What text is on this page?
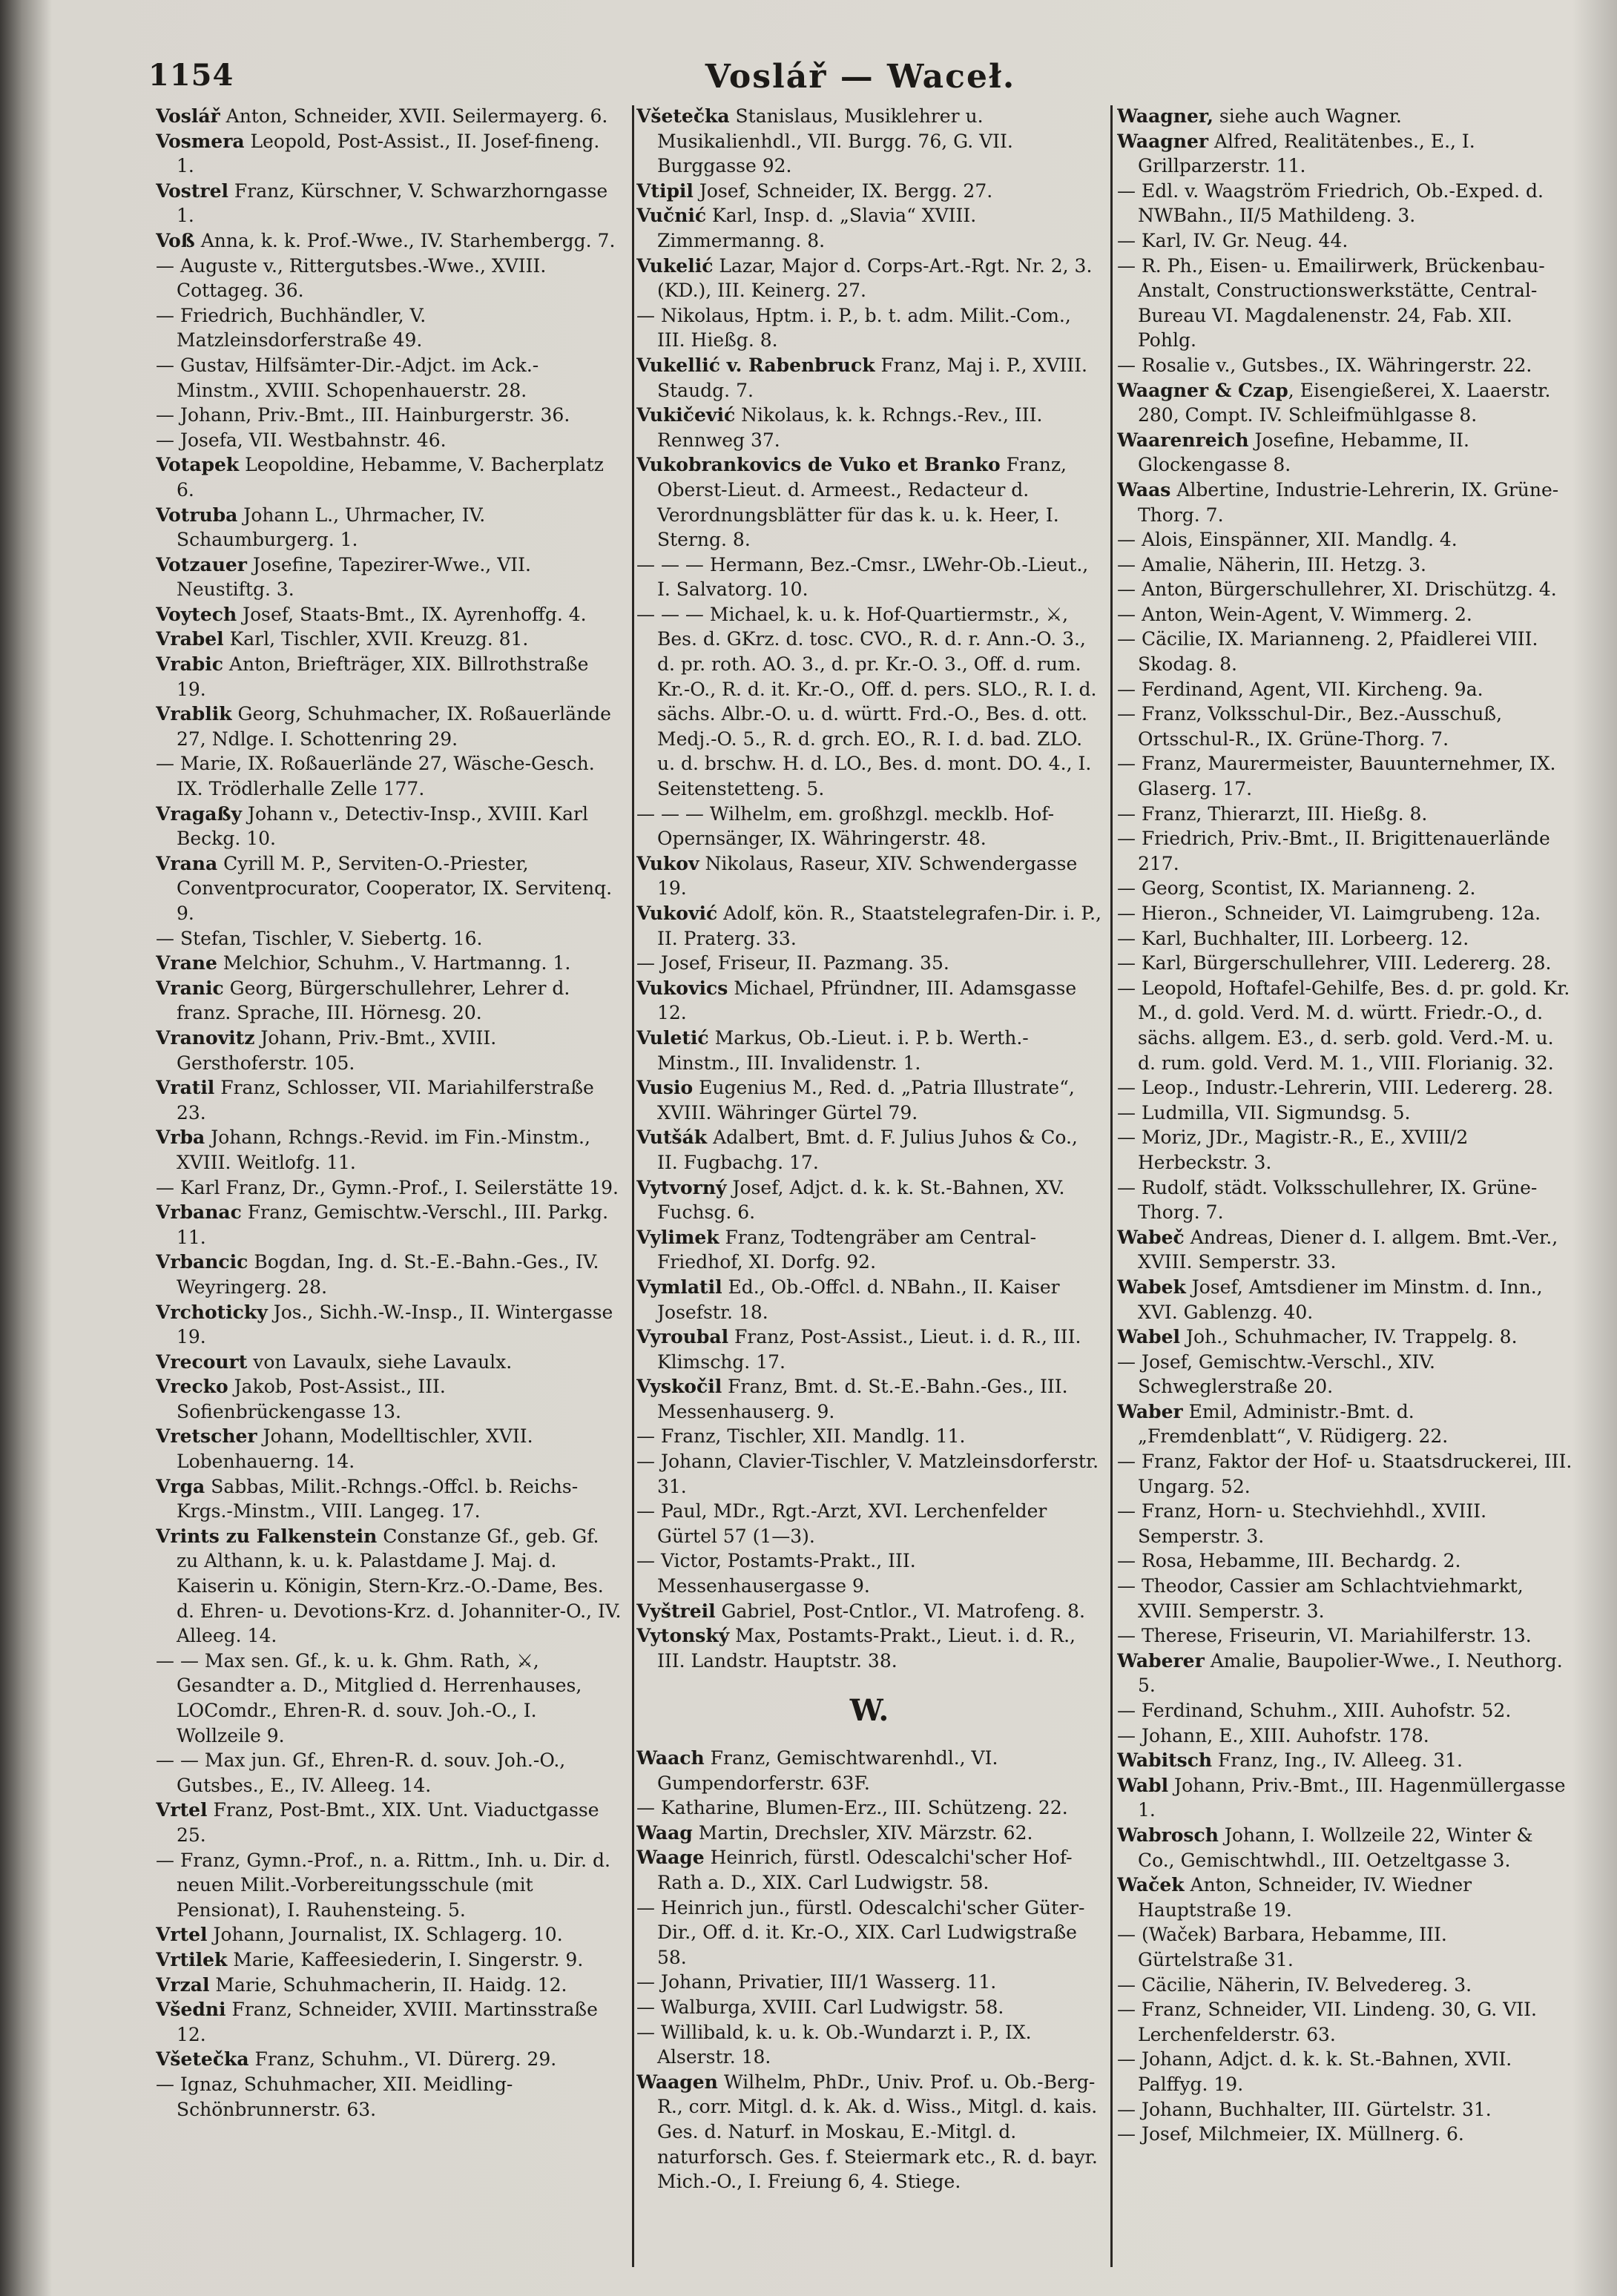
1154	Voslář — Waceł.

Voslář Anton, Schneider, XVII. Seilermayerg. 6.

Vosmera Leopold, Post-Assist., II. Josef-fineng. 1.

Vostrel Franz, Kürschner, V. Schwarzhorngasse 1.

Voß Anna, k. k. Prof.-Wwe., IV. Starhembergg. 7.

— Auguste v., Rittergutsbes.-Wwe., XVIII. Cottageg. 36.

— Friedrich, Buchhändler, V. Matzleinsdorferstraße 49.

— Gustav, Hilfsämter-Dir.-Adjct. im Ack.-Minstm., XVIII. Schopenhauerstr. 28.

— Johann, Priv.-Bmt., III. Hainburgerstr. 36.

— Josefa, VII. Westbahnstr. 46.

Votapek Leopoldine, Hebamme, V. Bacherplatz 6.

Votruba Johann L., Uhrmacher, IV. Schaumburgerg. 1.

Votzauer Josefine, Tapezirer-Wwe., VII. Neustiftg. 3.

Voytech Josef, Staats-Bmt., IX. Ayrenhoffg. 4.

Vrabel Karl, Tischler, XVII. Kreuzg. 81.

Vrabic Anton, Briefträger, XIX. Billrothstraße 19.

Vrablik Georg, Schuhmacher, IX. Roßauerlände 27, Ndlge. I. Schottenring 29.

— Marie, IX. Roßauerlände 27, Wäsche-Gesch. IX. Trödlerhalle Zelle 177.

Vragaßy Johann v., Detectiv-Insp., XVIII. Karl Beckg. 10.

Vrana Cyrill M. P., Serviten-O.-Priester, Conventprocurator, Cooperator, IX. Servitenq. 9.

— Stefan, Tischler, V. Siebertg. 16.

Vrane Melchior, Schuhm., V. Hartmanng. 1.

Vranic Georg, Bürgerschullehrer, Lehrer d. franz. Sprache, III. Hörnesg. 20.

Vranovitz Johann, Priv.-Bmt., XVIII. Gersthoferstr. 105.

Vratil Franz, Schlosser, VII. Mariahilferstraße 23.

Vrba Johann, Rchngs.-Revid. im Fin.-Minstm., XVIII. Weitlofg. 11.

— Karl Franz, Dr., Gymn.-Prof., I. Seilerstätte 19.

Vrbanac Franz, Gemischtw.-Verschl., III. Parkg. 11.

Vrbancic Bogdan, Ing. d. St.-E.-Bahn.-Ges., IV. Weyringerg. 28.

Vrchoticky Jos., Sichh.-W.-Insp., II. Wintergasse 19.

Vrecourt von Lavaulx, siehe Lavaulx.

Vrecko Jakob, Post-Assist., III. Sofienbrückengasse 13.

Vretscher Johann, Modelltischler, XVII. Lobenhauerng. 14.

Vrga Sabbas, Milit.-Rchngs.-Offcl. b. Reichs-Krgs.-Minstm., VIII. Langeg. 17.

Vrints zu Falkenstein Constanze Gf., geb. Gf. zu Althann, k. u. k. Palastdame J. Maj. d. Kaiserin u. Königin, Stern-Krz.-O.-Dame, Bes. d. Ehren- u. Devotions-Krz. d. Johanniter-O., IV. Alleeg. 14.

— — Max sen. Gf., k. u. k. Ghm. Rath, ⚔, Gesandter a. D., Mitglied d. Herrenhauses, LOComdr., Ehren-R. d. souv. Joh.-O., I. Wollzeile 9.

— — Max jun. Gf., Ehren-R. d. souv. Joh.-O., Gutsbes., E., IV. Alleeg. 14.

Vrtel Franz, Post-Bmt., XIX. Unt. Viaductgasse 25.

— Franz, Gymn.-Prof., n. a. Rittm., Inh. u. Dir. d. neuen Milit.-Vorbereitungsschule (mit Pensionat), I. Rauhensteing. 5.

Vrtel Johann, Journalist, IX. Schlagerg. 10.

Vrtilek Marie, Kaffeesiederin, I. Singerstr. 9.

Vrzal Marie, Schuhmacherin, II. Haidg. 12.

Všedni Franz, Schneider, XVIII. Martinsstraße 12.

Všetečka Franz, Schuhm., VI. Dürerg. 29.

— Ignaz, Schuhmacher, XII. Meidling-Schönbrunnerstr. 63.

Všetečka Stanislaus, Musiklehrer u. Musikalienhdl., VII. Burgg. 76, G. VII. Burggasse 92.

Vtipil Josef, Schneider, IX. Bergg. 27.

Vučnić Karl, Insp. d. „Slavia“ XVIII. Zimmermanng. 8.

Vukelić Lazar, Major d. Corps-Art.-Rgt. Nr. 2, 3. (KD.), III. Keinerg. 27.

— Nikolaus, Hptm. i. P., b. t. adm. Milit.-Com., III. Hießg. 8.

Vukellić v. Rabenbruck Franz, Maj i. P., XVIII. Staudg. 7.

Vukičević Nikolaus, k. k. Rchngs.-Rev., III. Rennweg 37.

Vukobrankovics de Vuko et Branko Franz, Oberst-Lieut. d. Armeest., Redacteur d. Verordnungsblätter für das k. u. k. Heer, I. Sterng. 8.

— — — Hermann, Bez.-Cmsr., LWehr-Ob.-Lieut., I. Salvatorg. 10.

— — — Michael, k. u. k. Hof-Quartiermstr., ⚔, Bes. d. GKrz. d. tosc. CVO., R. d. r. Ann.-O. 3., d. pr. roth. AO. 3., d. pr. Kr.-O. 3., Off. d. rum. Kr.-O., R. d. it. Kr.-O., Off. d. pers. SLO., R. I. d. sächs. Albr.-O. u. d. württ. Frd.-O., Bes. d. ott. Medj.-O. 5., R. d. grch. EO., R. I. d. bad. ZLO. u. d. brschw. H. d. LO., Bes. d. mont. DO. 4., I. Seitenstetteng. 5.

— — — Wilhelm, em. großhzgl. mecklb. Hof-Opernsänger, IX. Währingerstr. 48.

Vukov Nikolaus, Raseur, XIV. Schwendergasse 19.

Vuković Adolf, kön. R., Staatstelegrafen-Dir. i. P., II. Praterg. 33.

— Josef, Friseur, II. Pazmang. 35.

Vukovics Michael, Pfründner, III. Adamsgasse 12.

Vuletić Markus, Ob.-Lieut. i. P. b. Werth.-Minstm., III. Invalidenstr. 1.

Vusio Eugenius M., Red. d. „Patria Illustrate“, XVIII. Währinger Gürtel 79.

Vutšák Adalbert, Bmt. d. F. Julius Juhos & Co., II. Fugbachg. 17.

Vytvorný Josef, Adjct. d. k. k. St.-Bahnen, XV. Fuchsg. 6.

Vylimek Franz, Todtengräber am Central-Friedhof, XI. Dorfg. 92.

Vymlatil Ed., Ob.-Offcl. d. NBahn., II. Kaiser Josefstr. 18.

Vyroubal Franz, Post-Assist., Lieut. i. d. R., III. Klimschg. 17.

Vyskočil Franz, Bmt. d. St.-E.-Bahn.-Ges., III. Messenhauserg. 9.

— Franz, Tischler, XII. Mandlg. 11.

— Johann, Clavier-Tischler, V. Matzleinsdorferstr. 31.

— Paul, MDr., Rgt.-Arzt, XVI. Lerchenfelder Gürtel 57 (1—3).

— Victor, Postamts-Prakt., III. Messenhausergasse 9.

Vyštreil Gabriel, Post-Cntlor., VI. Matrofeng. 8.

Vytonský Max, Postamts-Prakt., Lieut. i. d. R., III. Landstr. Hauptstr. 38.

W.

Waach Franz, Gemischtwarenhdl., VI. Gumpendorferstr. 63F.

— Katharine, Blumen-Erz., III. Schützeng. 22.

Waag Martin, Drechsler, XIV. Märzstr. 62.

Waage Heinrich, fürstl. Odescalchi'scher Hof-Rath a. D., XIX. Carl Ludwigstr. 58.

— Heinrich jun., fürstl. Odescalchi'scher Güter-Dir., Off. d. it. Kr.-O., XIX. Carl Ludwigstraße 58.

— Johann, Privatier, III/1 Wasserg. 11.

— Walburga, XVIII. Carl Ludwigstr. 58.

— Willibald, k. u. k. Ob.-Wundarzt i. P., IX. Alserstr. 18.

Waagen Wilhelm, PhDr., Univ. Prof. u. Ob.-Berg-R., corr. Mitgl. d. k. Ak. d. Wiss., Mitgl. d. kais. Ges. d. Naturf. in Moskau, E.-Mitgl. d. naturforsch. Ges. f. Steiermark etc., R. d. bayr. Mich.-O., I. Freiung 6, 4. Stiege.

Waagner, siehe auch Wagner.

Waagner Alfred, Realitätenbes., E., I. Grillparzerstr. 11.

— Edl. v. Waagström Friedrich, Ob.-Exped. d. NWBahn., II/5 Mathildeng. 3.

— Karl, IV. Gr. Neug. 44.

— R. Ph., Eisen- u. Emailirwerk, Brückenbau-Anstalt, Constructionswerkstätte, Central-Bureau VI. Magdalenenstr. 24, Fab. XII. Pohlg.

— Rosalie v., Gutsbes., IX. Währingerstr. 22.

Waagner & Czap, Eisengießerei, X. Laaerstr. 280, Compt. IV. Schleifmühlgasse 8.

Waarenreich Josefine, Hebamme, II. Glockengasse 8.

Waas Albertine, Industrie-Lehrerin, IX. Grüne-Thorg. 7.

— Alois, Einspänner, XII. Mandlg. 4.

— Amalie, Näherin, III. Hetzg. 3.

— Anton, Bürgerschullehrer, XI. Drischützg. 4.

— Anton, Wein-Agent, V. Wimmerg. 2.

— Cäcilie, IX. Marianneng. 2, Pfaidlerei VIII. Skodag. 8.

— Ferdinand, Agent, VII. Kircheng. 9a.

— Franz, Volksschul-Dir., Bez.-Ausschuß, Ortsschul-R., IX. Grüne-Thorg. 7.

— Franz, Maurermeister, Bauunternehmer, IX. Glaserg. 17.

— Franz, Thierarzt, III. Hießg. 8.

— Friedrich, Priv.-Bmt., II. Brigittenauerlände 217.

— Georg, Scontist, IX. Marianneng. 2.

— Hieron., Schneider, VI. Laimgrubeng. 12a.

— Karl, Buchhalter, III. Lorbeerg. 12.

— Karl, Bürgerschullehrer, VIII. Ledererg. 28.

— Leopold, Hoftafel-Gehilfe, Bes. d. pr. gold. Kr. M., d. gold. Verd. M. d. württ. Friedr.-O., d. sächs. allgem. E3., d. serb. gold. Verd.-M. u. d. rum. gold. Verd. M. 1., VIII. Florianig. 32.

— Leop., Industr.-Lehrerin, VIII. Ledererg. 28.

— Ludmilla, VII. Sigmundsg. 5.

— Moriz, JDr., Magistr.-R., E., XVIII/2 Herbeckstr. 3.

— Rudolf, städt. Volksschullehrer, IX. Grüne-Thorg. 7.

Wabeč Andreas, Diener d. I. allgem. Bmt.-Ver., XVIII. Semperstr. 33.

Wabek Josef, Amtsdiener im Minstm. d. Inn., XVI. Gablenzg. 40.

Wabel Joh., Schuhmacher, IV. Trappelg. 8.

— Josef, Gemischtw.-Verschl., XIV. Schweglerstraße 20.

Waber Emil, Administr.-Bmt. d. „Fremdenblatt“, V. Rüdigerg. 22.

— Franz, Faktor der Hof- u. Staatsdruckerei, III. Ungarg. 52.

— Franz, Horn- u. Stechviehhdl., XVIII. Semperstr. 3.

— Rosa, Hebamme, III. Bechardg. 2.

— Theodor, Cassier am Schlachtviehmarkt, XVIII. Semperstr. 3.

— Therese, Friseurin, VI. Mariahilferstr. 13.

Waberer Amalie, Baupolier-Wwe., I. Neuthorg. 5.

— Ferdinand, Schuhm., XIII. Auhofstr. 52.

— Johann, E., XIII. Auhofstr. 178.

Wabitsch Franz, Ing., IV. Alleeg. 31.

Wabl Johann, Priv.-Bmt., III. Hagenmüllergasse 1.

Wabrosch Johann, I. Wollzeile 22, Winter & Co., Gemischtwhdl., III. Oetzeltgasse 3.

Waček Anton, Schneider, IV. Wiedner Hauptstraße 19.

— (Waček) Barbara, Hebamme, III. Gürtelstraße 31.

— Cäcilie, Näherin, IV. Belvedereg. 3.

— Franz, Schneider, VII. Lindeng. 30, G. VII. Lerchenfelderstr. 63.

— Johann, Adjct. d. k. k. St.-Bahnen, XVII. Palffyg. 19.

— Johann, Buchhalter, III. Gürtelstr. 31.

— Josef, Milchmeier, IX. Müllnerg. 6.
